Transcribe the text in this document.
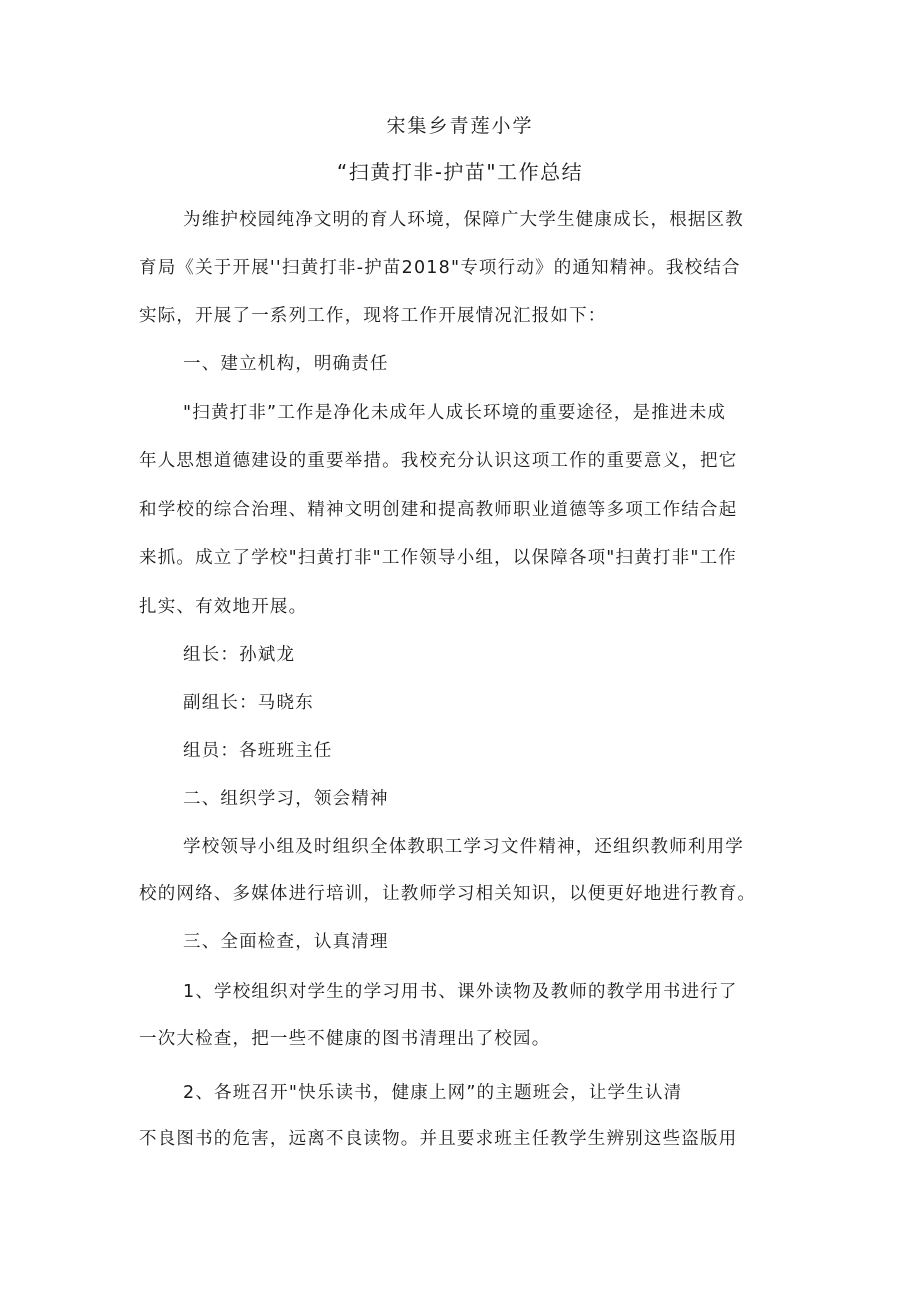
宋集乡青莲小学
“扫黄打非-护苗"工作总结
为维护校园纯净文明的育人环境，保障广大学生健康成长，根据区教
育局《关于开展''扫黄打非-护苗2018"专项行动》的通知精神。我校结合
实际，开展了一系列工作，现将工作开展情况汇报如下：
一、建立机构，明确责任
"扫黄打非”工作是净化未成年人成长环境的重要途径，是推进未成
年人思想道德建设的重要举措。我校充分认识这项工作的重要意义，把它
和学校的综合治理、精神文明创建和提高教师职业道德等多项工作结合起
来抓。成立了学校"扫黄打非"工作领导小组，以保障各项"扫黄打非"工作
扎实、有效地开展。
组长：孙斌龙
副组长：马晓东
组员：各班班主任
二、组织学习，领会精神
学校领导小组及时组织全体教职工学习文件精神，还组织教师利用学
校的网络、多媒体进行培训，让教师学习相关知识，以便更好地进行教育。
三、全面检查，认真清理
1、学校组织对学生的学习用书、课外读物及教师的教学用书进行了
一次大检查，把一些不健康的图书清理出了校园。
2、各班召开"快乐读书，健康上网”的主题班会，让学生认清
不良图书的危害，远离不良读物。并且要求班主任教学生辨别这些盗版用
